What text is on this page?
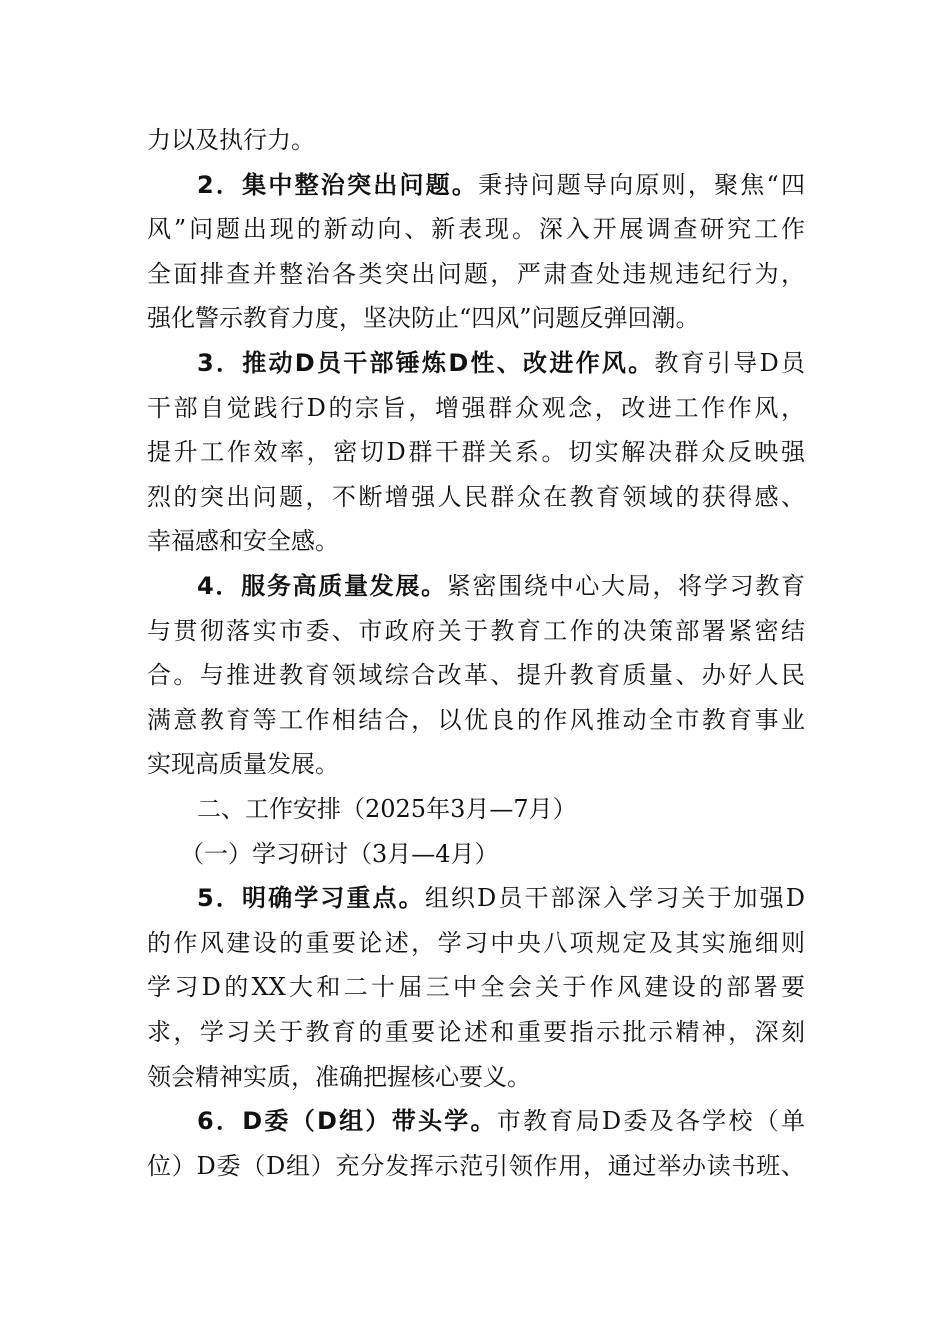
力以及执行力。
2．集中整治突出问题。秉持问题导向原则，聚焦“四
风”问题出现的新动向、新表现。深入开展调查研究工作
全面排查并整治各类突出问题，严肃查处违规违纪行为，
强化警示教育力度，坚决防止“四风”问题反弹回潮。
3．推动D员干部锤炼D性、改进作风。教育引导D员
干部自觉践行D的宗旨，增强群众观念，改进工作作风，
提升工作效率，密切D群干群关系。切实解决群众反映强
烈的突出问题，不断增强人民群众在教育领域的获得感、
幸福感和安全感。
4．服务高质量发展。紧密围绕中心大局，将学习教育
与贯彻落实市委、市政府关于教育工作的决策部署紧密结
合。与推进教育领域综合改革、提升教育质量、办好人民
满意教育等工作相结合，以优良的作风推动全市教育事业
实现高质量发展。
二、工作安排（2025年3月—7月）
（一）学习研讨（3月—4月）
5．明确学习重点。组织D员干部深入学习关于加强D
的作风建设的重要论述，学习中央八项规定及其实施细则
学习D的XX大和二十届三中全会关于作风建设的部署要
求，学习关于教育的重要论述和重要指示批示精神，深刻
领会精神实质，准确把握核心要义。
6．D委（D组）带头学。市教育局D委及各学校（单
位）D委（D组）充分发挥示范引领作用，通过举办读书班、
